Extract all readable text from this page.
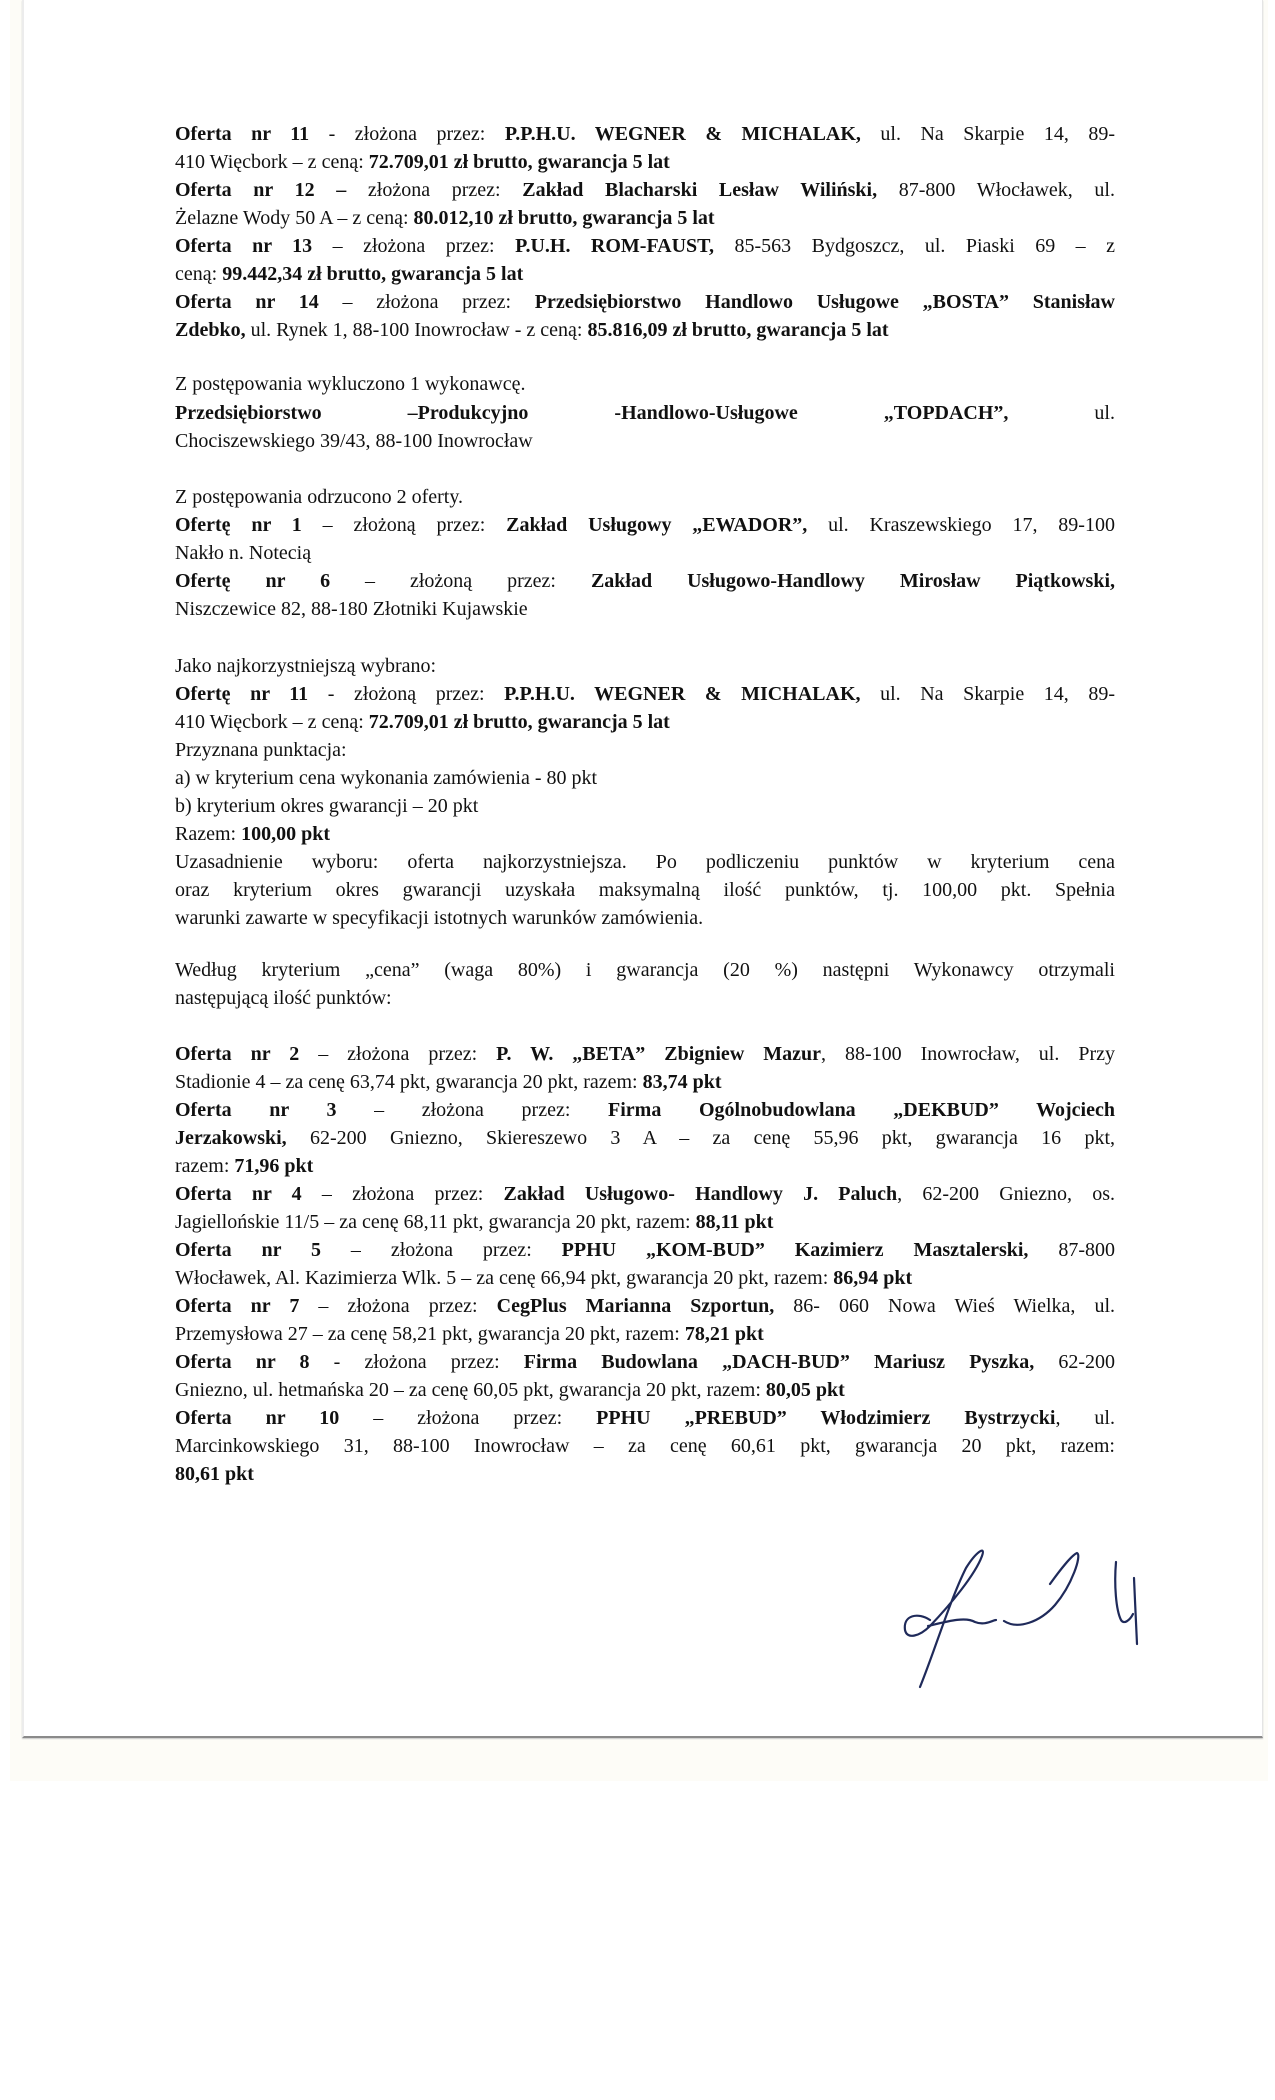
Oferta nr 11 - złożona przez: P.P.H.U. WEGNER & MICHALAK, ul. Na Skarpie 14, 89-
410 Więcbork – z ceną: 72.709,01 zł brutto, gwarancja 5 lat
Oferta nr 12 – złożona przez: Zakład Blacharski Lesław Wiliński, 87-800 Włocławek, ul.
Żelazne Wody 50 A – z ceną: 80.012,10 zł brutto, gwarancja 5 lat
Oferta nr 13 – złożona przez: P.U.H. ROM-FAUST, 85-563 Bydgoszcz, ul. Piaski 69 – z
ceną: 99.442,34 zł brutto, gwarancja 5 lat
Oferta nr 14 – złożona przez: Przedsiębiorstwo Handlowo Usługowe „BOSTA” Stanisław
Zdebko, ul. Rynek 1, 88-100 Inowrocław - z ceną: 85.816,09 zł brutto, gwarancja 5 lat
Z postępowania wykluczono 1 wykonawcę.
Przedsiębiorstwo –Produkcyjno -Handlowo-Usługowe „TOPDACH”, ul.
Chociszewskiego 39/43, 88-100 Inowrocław
Z postępowania odrzucono 2 oferty.
Ofertę nr 1 – złożoną przez: Zakład Usługowy „EWADOR”, ul. Kraszewskiego 17, 89-100
Nakło n. Notecią
Ofertę nr 6 – złożoną przez: Zakład Usługowo-Handlowy Mirosław Piątkowski,
Niszczewice 82, 88-180 Złotniki Kujawskie
Jako najkorzystniejszą wybrano:
Ofertę nr 11 - złożoną przez: P.P.H.U. WEGNER & MICHALAK, ul. Na Skarpie 14, 89-
410 Więcbork – z ceną: 72.709,01 zł brutto, gwarancja 5 lat
Przyznana punktacja:
a) w kryterium cena wykonania zamówienia - 80 pkt
b) kryterium okres gwarancji – 20 pkt
Razem: 100,00 pkt
Uzasadnienie wyboru: oferta najkorzystniejsza. Po podliczeniu punktów w kryterium cena
oraz kryterium okres gwarancji uzyskała maksymalną ilość punktów, tj. 100,00 pkt. Spełnia
warunki zawarte w specyfikacji istotnych warunków zamówienia.
Według kryterium „cena” (waga 80%) i gwarancja (20 %) następni Wykonawcy otrzymali
następującą ilość punktów:
Oferta nr 2 – złożona przez: P. W. „BETA” Zbigniew Mazur, 88-100 Inowrocław, ul. Przy
Stadionie 4 – za cenę 63,74 pkt, gwarancja 20 pkt, razem: 83,74 pkt
Oferta nr 3 – złożona przez: Firma Ogólnobudowlana „DEKBUD” Wojciech
Jerzakowski, 62-200 Gniezno, Skiereszewo 3 A – za cenę 55,96 pkt, gwarancja 16 pkt,
razem: 71,96 pkt
Oferta nr 4 – złożona przez: Zakład Usługowo- Handlowy J. Paluch, 62-200 Gniezno, os.
Jagiellońskie 11/5 – za cenę 68,11 pkt, gwarancja 20 pkt, razem: 88,11 pkt
Oferta nr 5 – złożona przez: PPHU „KOM-BUD” Kazimierz Masztalerski, 87-800
Włocławek, Al. Kazimierza Wlk. 5 – za cenę 66,94 pkt, gwarancja 20 pkt, razem: 86,94 pkt
Oferta nr 7 – złożona przez: CegPlus Marianna Szportun, 86- 060 Nowa Wieś Wielka, ul.
Przemysłowa 27 – za cenę 58,21 pkt, gwarancja 20 pkt, razem: 78,21 pkt
Oferta nr 8 - złożona przez: Firma Budowlana „DACH-BUD” Mariusz Pyszka, 62-200
Gniezno, ul. hetmańska 20 – za cenę 60,05 pkt, gwarancja 20 pkt, razem: 80,05 pkt
Oferta nr 10 – złożona przez: PPHU „PREBUD” Włodzimierz Bystrzycki, ul.
Marcinkowskiego 31, 88-100 Inowrocław – za cenę 60,61 pkt, gwarancja 20 pkt, razem:
80,61 pkt
